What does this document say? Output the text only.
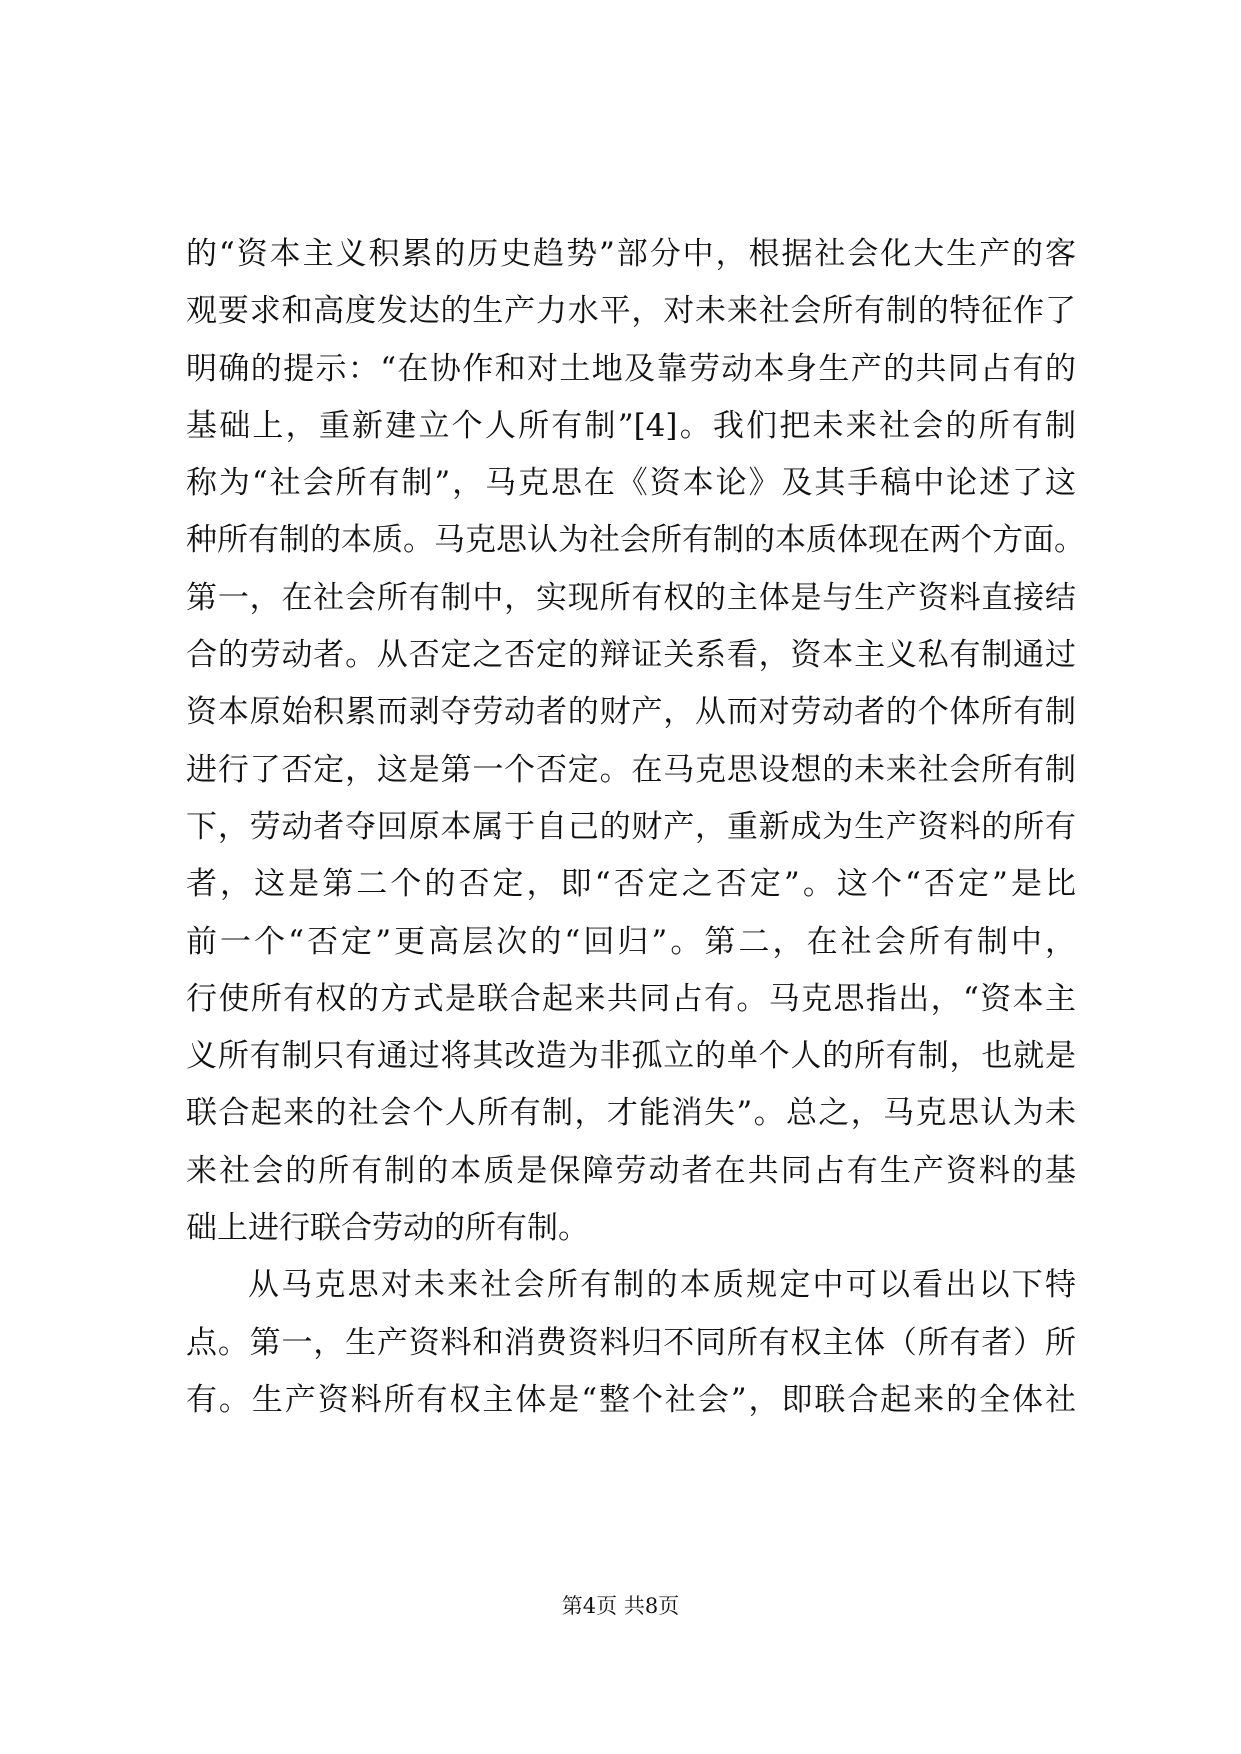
的“资本主义积累的历史趋势”部分中，根据社会化大生产的客
观要求和高度发达的生产力水平，对未来社会所有制的特征作了
明确的提示：“在协作和对土地及靠劳动本身生产的共同占有的
基础上，重新建立个人所有制”[4]。我们把未来社会的所有制
称为“社会所有制”，马克思在《资本论》及其手稿中论述了这
种所有制的本质。马克思认为社会所有制的本质体现在两个方面。
第一，在社会所有制中，实现所有权的主体是与生产资料直接结
合的劳动者。从否定之否定的辩证关系看，资本主义私有制通过
资本原始积累而剥夺劳动者的财产，从而对劳动者的个体所有制
进行了否定，这是第一个否定。在马克思设想的未来社会所有制
下，劳动者夺回原本属于自己的财产，重新成为生产资料的所有
者，这是第二个的否定，即“否定之否定”。这个“否定”是比
前一个“否定”更高层次的“回归”。第二，在社会所有制中，
行使所有权的方式是联合起来共同占有。马克思指出，“资本主
义所有制只有通过将其改造为非孤立的单个人的所有制，也就是
联合起来的社会个人所有制，才能消失”。总之，马克思认为未
来社会的所有制的本质是保障劳动者在共同占有生产资料的基
础上进行联合劳动的所有制。
从马克思对未来社会所有制的本质规定中可以看出以下特
点。第一，生产资料和消费资料归不同所有权主体（所有者）所
有。生产资料所有权主体是“整个社会”，即联合起来的全体社
第4页 共8页
